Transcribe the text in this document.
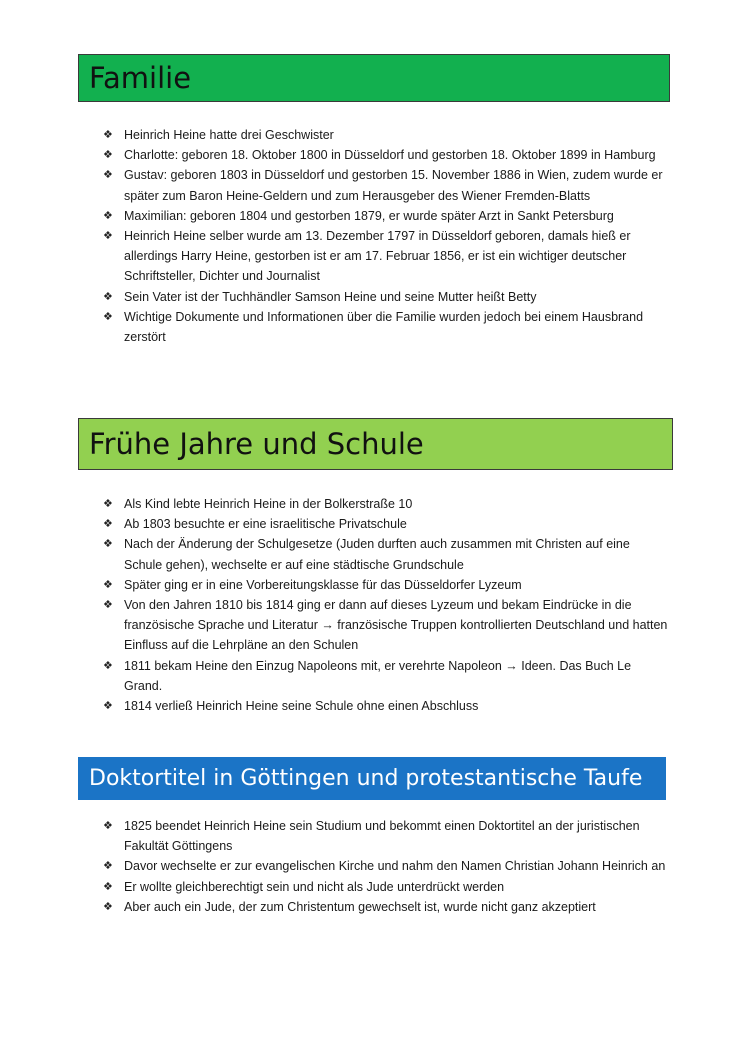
Familie
❖ Heinrich Heine hatte drei Geschwister
❖ Charlotte: geboren 18. Oktober 1800 in Düsseldorf und gestorben 18. Oktober 1899 in Hamburg
❖ Gustav: geboren 1803 in Düsseldorf und gestorben 15. November 1886 in Wien, zudem wurde er später zum Baron Heine-Geldern und zum Herausgeber des Wiener Fremden-Blatts
❖ Maximilian: geboren 1804 und gestorben 1879, er wurde später Arzt in Sankt Petersburg
❖ Heinrich Heine selber wurde am 13. Dezember 1797 in Düsseldorf geboren, damals hieß er allerdings Harry Heine, gestorben ist er am 17. Februar 1856, er ist ein wichtiger deutscher Schriftsteller, Dichter und Journalist
❖ Sein Vater ist der Tuchhändler Samson Heine und seine Mutter heißt Betty
❖ Wichtige Dokumente und Informationen über die Familie wurden jedoch bei einem Hausbrand zerstört
Frühe Jahre und Schule
❖ Als Kind lebte Heinrich Heine in der Bolkerstraße 10
❖ Ab 1803 besuchte er eine israelitische Privatschule
❖ Nach der Änderung der Schulgesetze (Juden durften auch zusammen mit Christen auf eine Schule gehen), wechselte er auf eine städtische Grundschule
❖ Später ging er in eine Vorbereitungsklasse für das Düsseldorfer Lyzeum
❖ Von den Jahren 1810 bis 1814 ging er dann auf dieses Lyzeum und bekam Eindrücke in die französische Sprache und Literatur → französische Truppen kontrollierten Deutschland und hatten Einfluss auf die Lehrpläne an den Schulen
❖ 1811 bekam Heine den Einzug Napoleons mit, er verehrte Napoleon → Ideen. Das Buch Le Grand.
❖ 1814 verließ Heinrich Heine seine Schule ohne einen Abschluss
Doktortitel in Göttingen und protestantische Taufe
❖ 1825 beendet Heinrich Heine sein Studium und bekommt einen Doktortitel an der juristischen Fakultät Göttingens
❖ Davor wechselte er zur evangelischen Kirche und nahm den Namen Christian Johann Heinrich an
❖ Er wollte gleichberechtigt sein und nicht als Jude unterdrückt werden
❖ Aber auch ein Jude, der zum Christentum gewechselt ist, wurde nicht ganz akzeptiert
